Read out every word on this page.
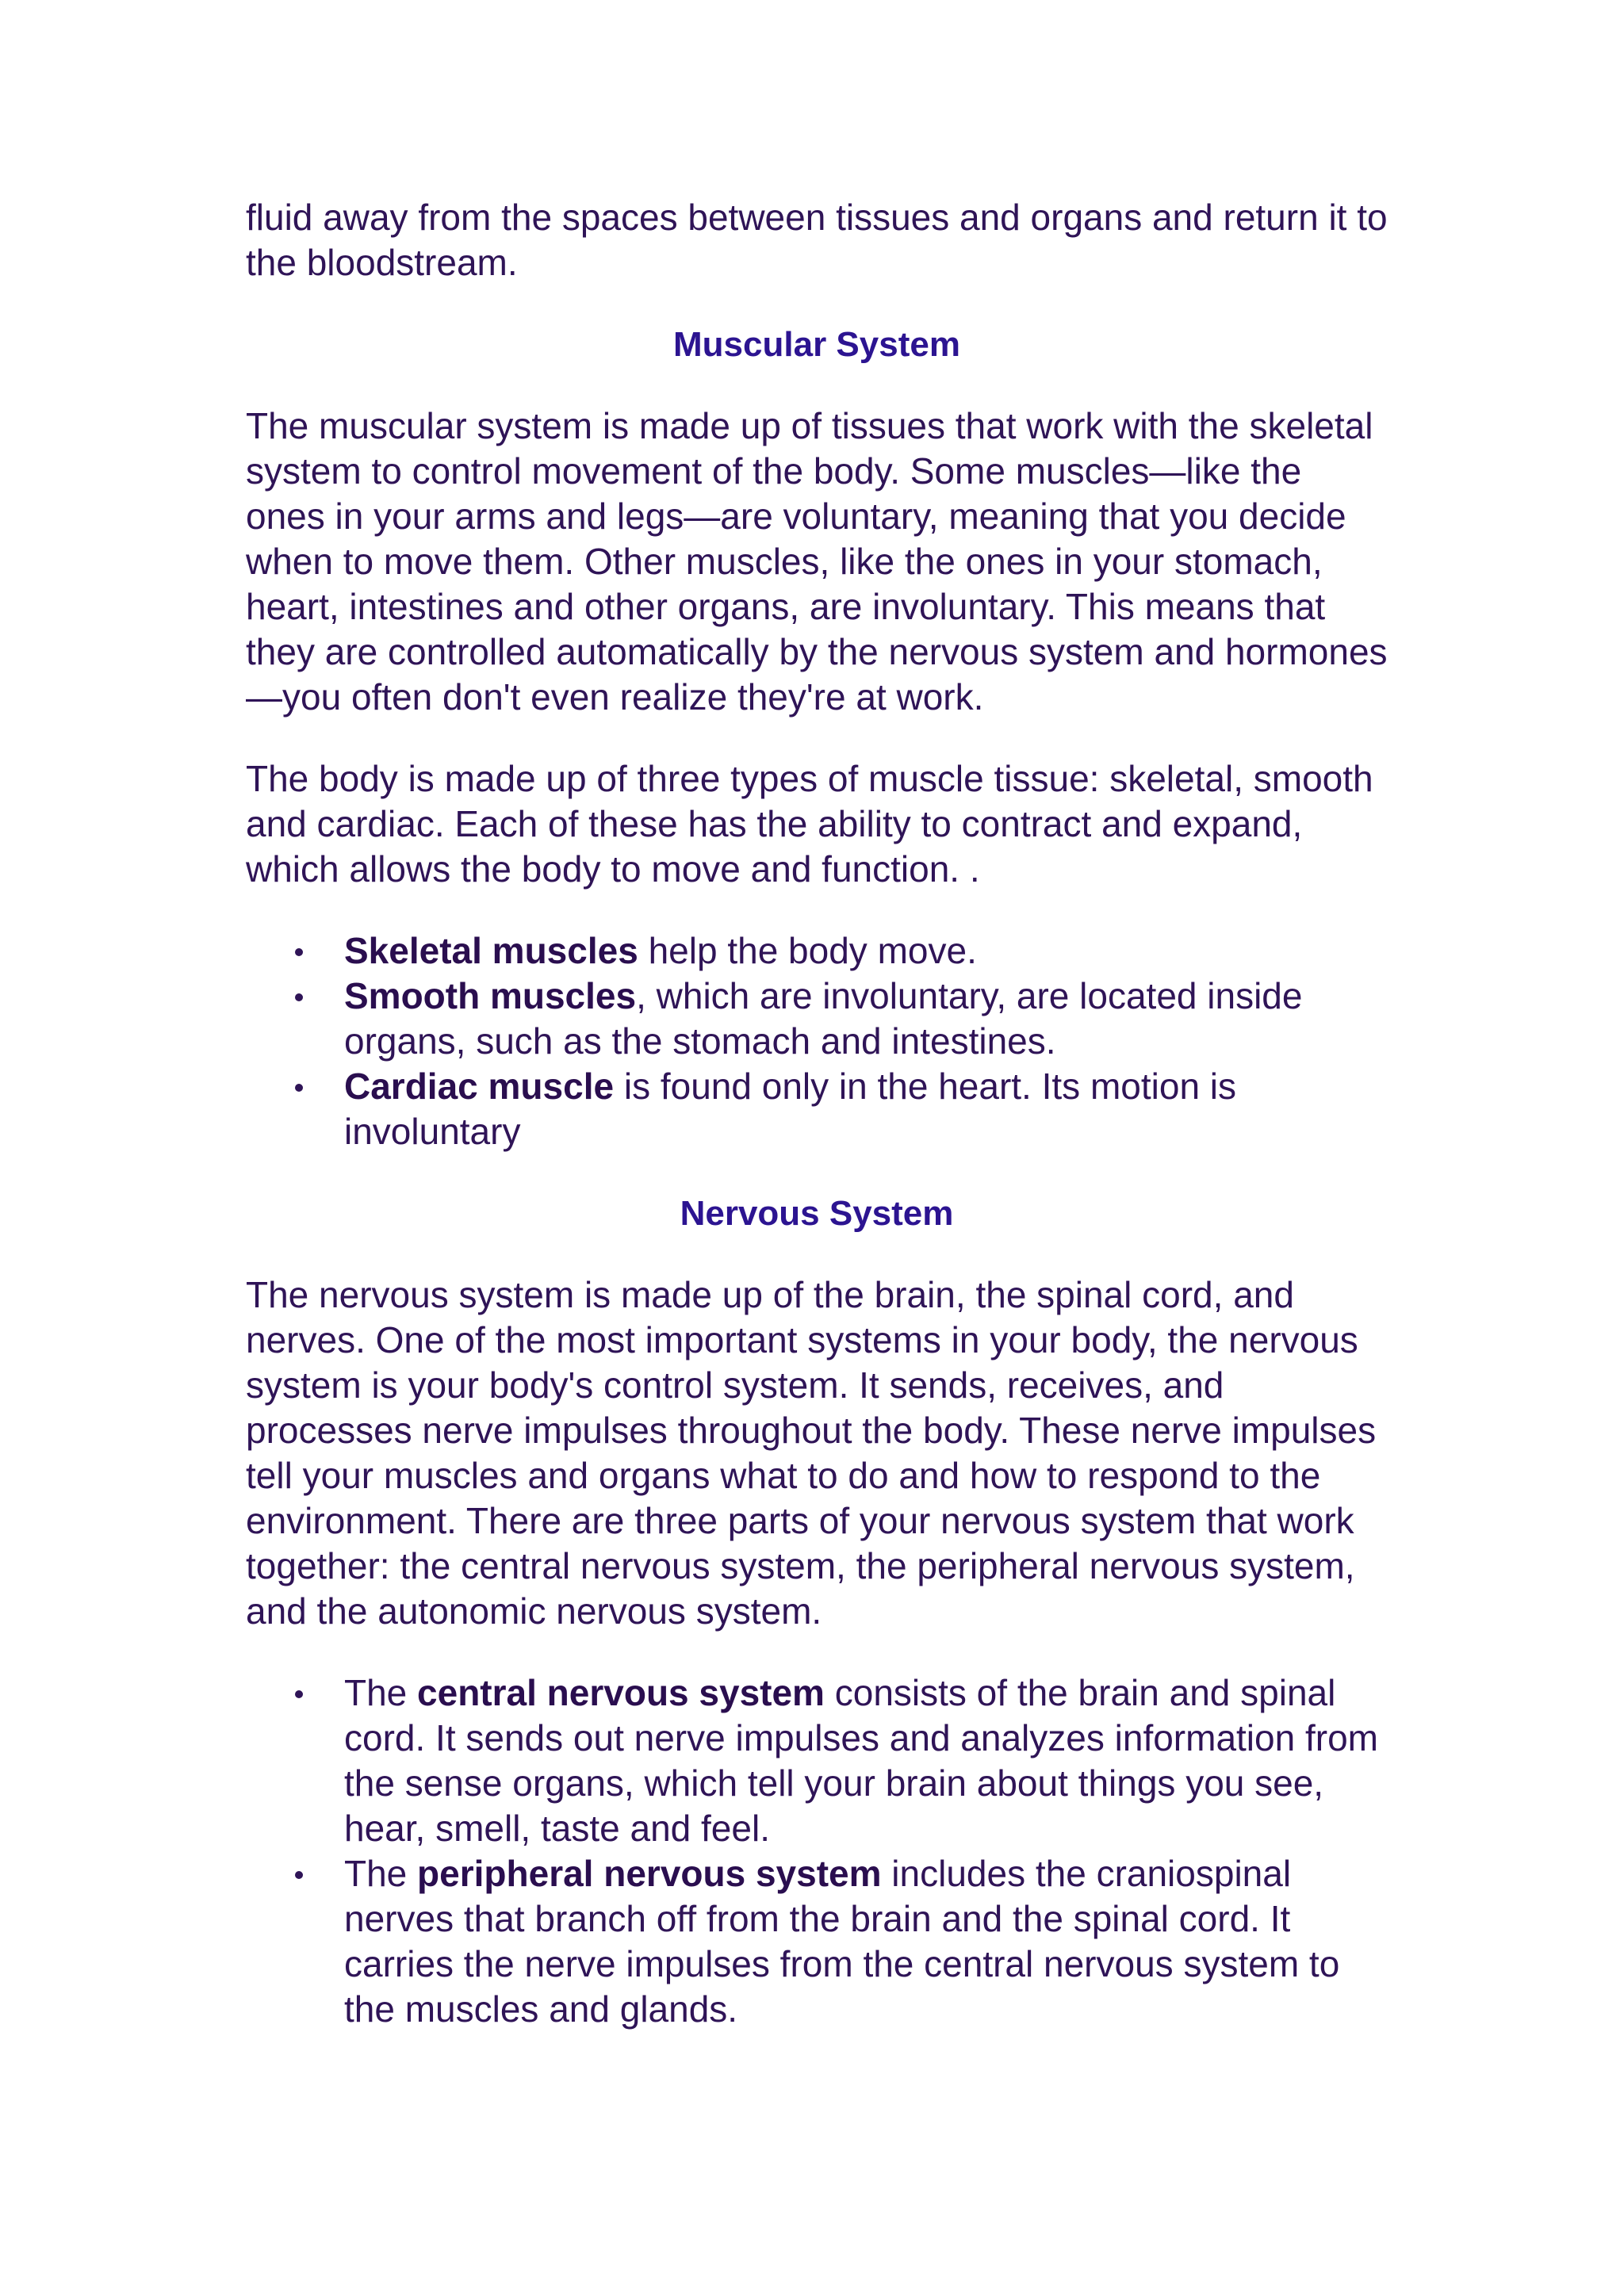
fluid away from the spaces between tissues and organs and return it to the bloodstream.

Muscular System

The muscular system is made up of tissues that work with the skeletal system to control movement of the body. Some muscles—like the ones in your arms and legs—are voluntary, meaning that you decide when to move them. Other muscles, like the ones in your stomach, heart, intestines and other organs, are involuntary. This means that they are controlled automatically by the nervous system and hormones—you often don't even realize they're at work.

The body is made up of three types of muscle tissue: skeletal, smooth and cardiac. Each of these has the ability to contract and expand, which allows the body to move and function. .

Skeletal muscles help the body move.
Smooth muscles, which are involuntary, are located inside organs, such as the stomach and intestines.
Cardiac muscle is found only in the heart. Its motion is involuntary
Nervous System

The nervous system is made up of the brain, the spinal cord, and nerves. One of the most important systems in your body, the nervous system is your body's control system. It sends, receives, and processes nerve impulses throughout the body. These nerve impulses tell your muscles and organs what to do and how to respond to the environment. There are three parts of your nervous system that work together: the central nervous system, the peripheral nervous system, and the autonomic nervous system.

The central nervous system consists of the brain and spinal cord. It sends out nerve impulses and analyzes information from the sense organs, which tell your brain about things you see, hear, smell, taste and feel.
The peripheral nervous system includes the craniospinal nerves that branch off from the brain and the spinal cord. It carries the nerve impulses from the central nervous system to the muscles and glands.
